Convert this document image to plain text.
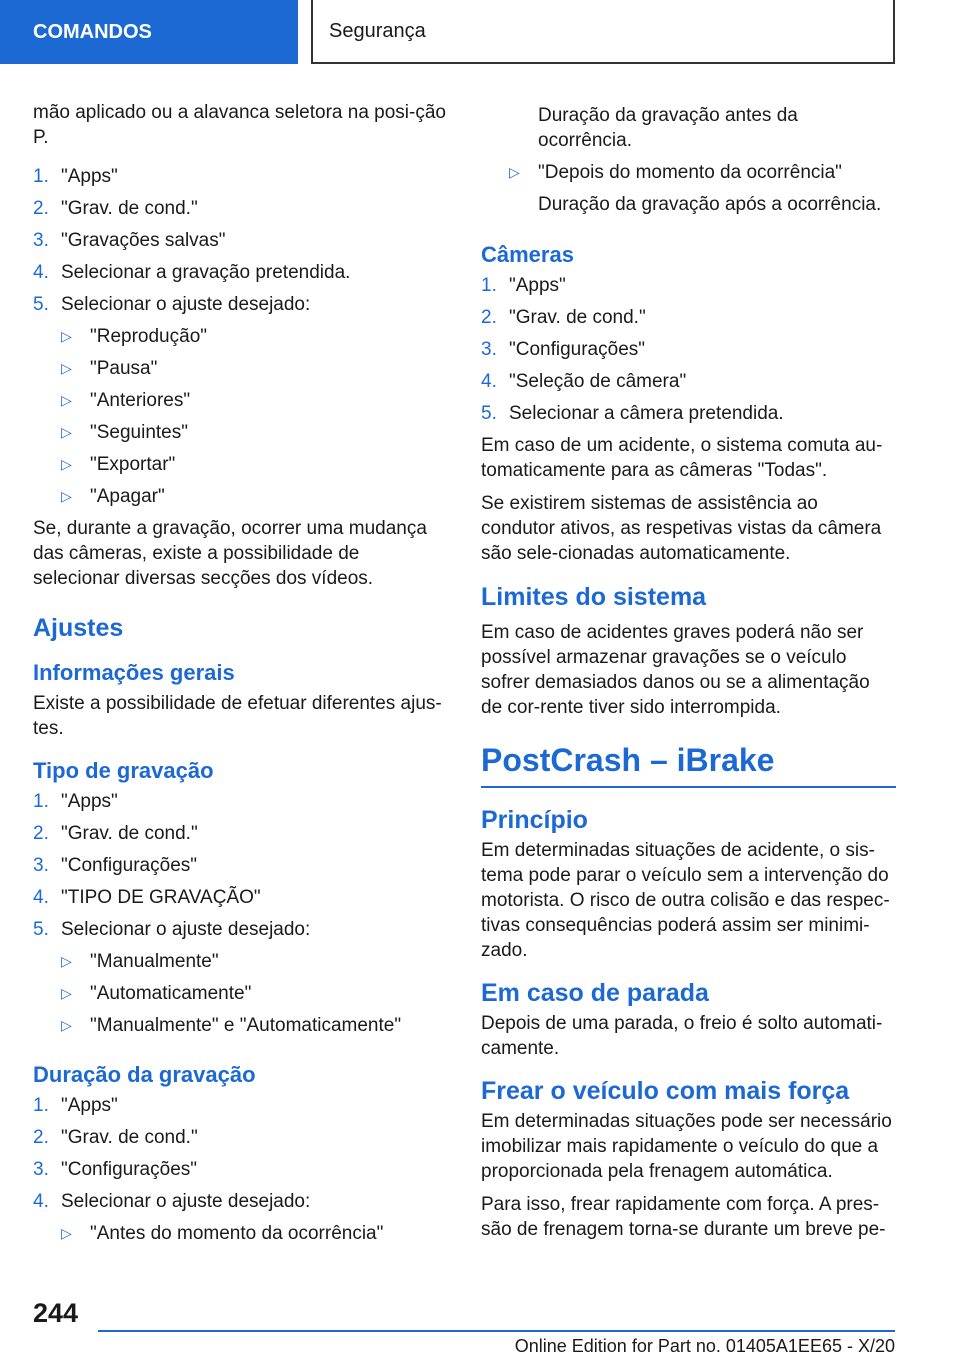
COMANDOS	Segurança

mão aplicado ou a alavanca seletora na posi-ção P.

1. "Apps"
2. "Grav. de cond."
3. "Gravações salvas"
4. Selecionar a gravação pretendida.
5. Selecionar o ajuste desejado:
▷ "Reprodução"
▷ "Pausa"
▷ "Anteriores"
▷ "Seguintes"
▷ "Exportar"
▷ "Apagar"

Se, durante a gravação, ocorrer uma mudança das câmeras, existe a possibilidade de selecionar diversas secções dos vídeos.

Ajustes
Informações gerais

Existe a possibilidade de efetuar diferentes ajus-tes.

Tipo de gravação
1. "Apps"
2. "Grav. de cond."
3. "Configurações"
4. "TIPO DE GRAVAÇÃO"
5. Selecionar o ajuste desejado:
▷ "Manualmente"
▷ "Automaticamente"
▷ "Manualmente" e "Automaticamente"
Duração da gravação
1. "Apps"
2. "Grav. de cond."
3. "Configurações"
4. Selecionar o ajuste desejado:
▷ "Antes do momento da ocorrência"
Duração da gravação antes da ocorrência.
▷ "Depois do momento da ocorrência"
Duração da gravação após a ocorrência.
Câmeras
1. "Apps"
2. "Grav. de cond."
3. "Configurações"
4. "Seleção de câmera"
5. Selecionar a câmera pretendida.

Em caso de um acidente, o sistema comuta au-tomaticamente para as câmeras "Todas".

Se existirem sistemas de assistência ao condutor ativos, as respetivas vistas da câmera são sele-cionadas automaticamente.

Limites do sistema

Em caso de acidentes graves poderá não ser possível armazenar gravações se o veículo sofrer demasiados danos ou se a alimentação de cor-rente tiver sido interrompida.

PostCrash – iBrake
Princípio

Em determinadas situações de acidente, o sis-tema pode parar o veículo sem a intervenção do motorista. O risco de outra colisão e das respec-tivas consequências poderá assim ser minimi-zado.

Em caso de parada

Depois de uma parada, o freio é solto automati-camente.

Frear o veículo com mais força

Em determinadas situações pode ser necessário imobilizar mais rapidamente o veículo do que a proporcionada pela frenagem automática.

Para isso, frear rapidamente com força. A pres-são de frenagem torna-se durante um breve pe-

244
Online Edition for Part no. 01405A1EE65 - X/20
